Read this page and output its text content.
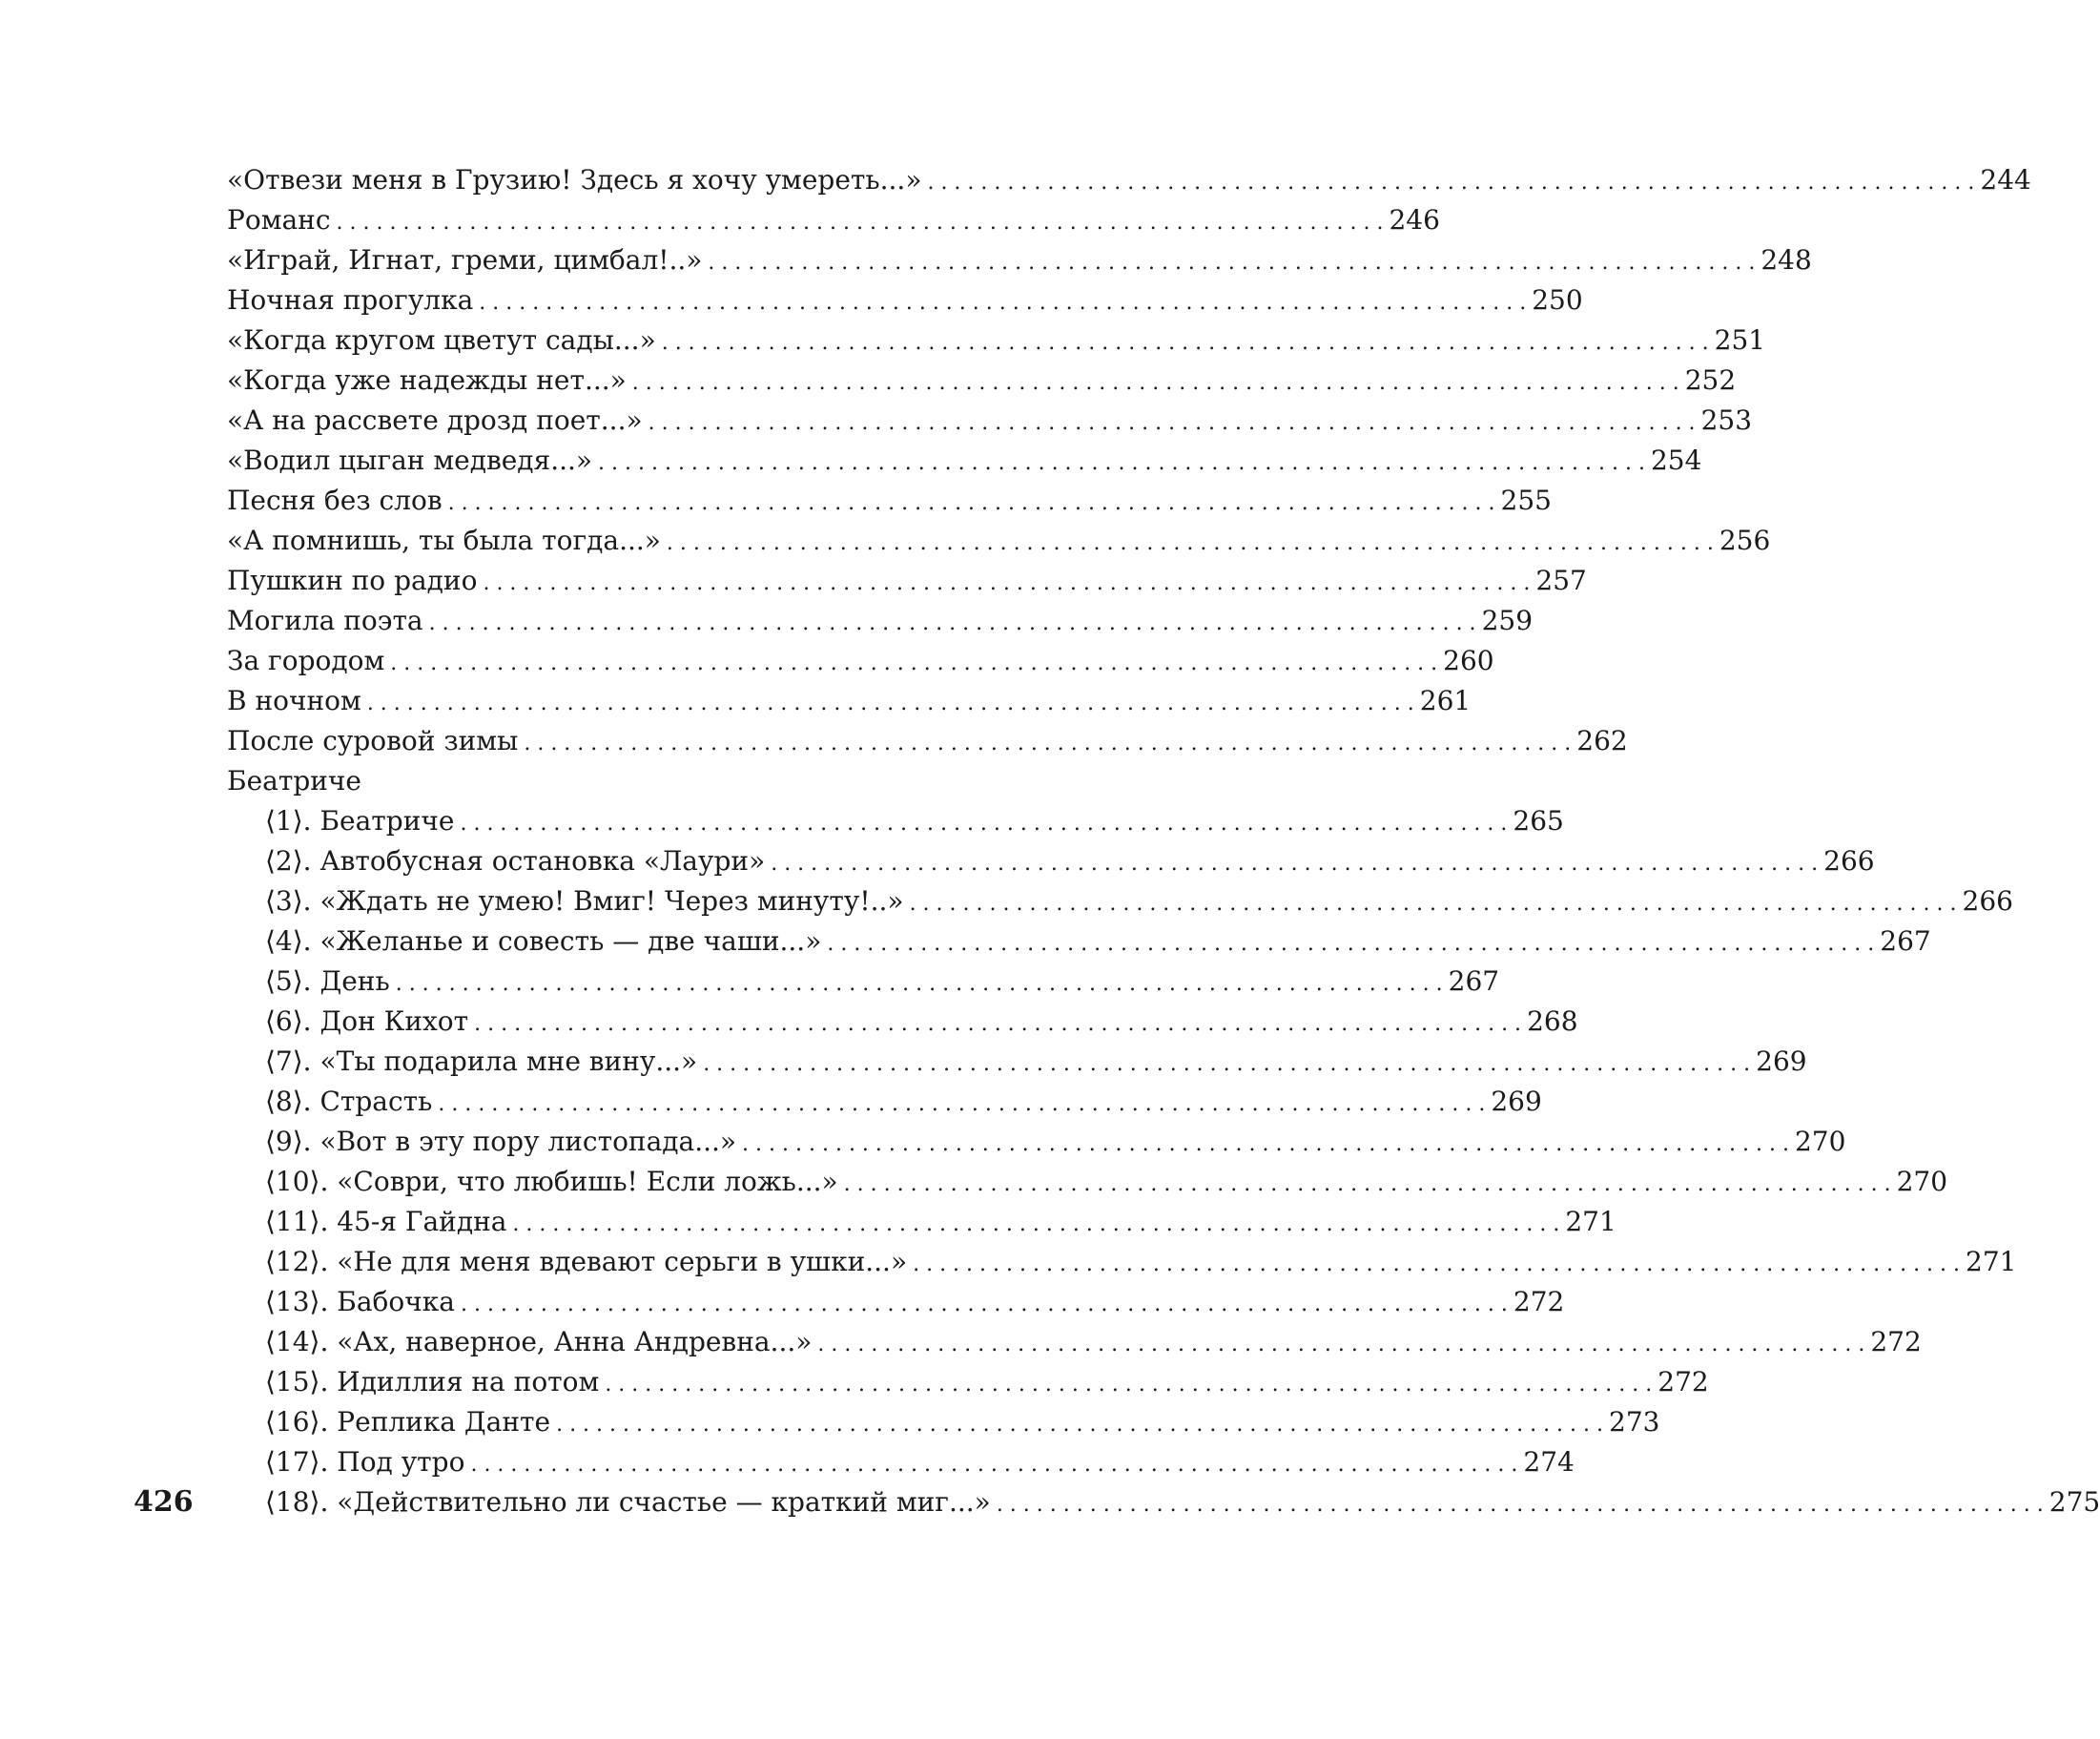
«Отвези меня в Грузию! Здесь я хочу умереть...» . . .	244
Романс . . .	246
«Играй, Игнат, греми, цимбал!..» . . .	248
Ночная прогулка . . .	250
«Когда кругом цветут сады...» . . .	251
«Когда уже надежды нет...» . . .	252
«А на рассвете дрозд поет...» . . .	253
«Водил цыган медведя...» . . .	254
Песня без слов . . .	255
«А помнишь, ты была тогда...» . . .	256
Пушкин по радио . . .	257
Могила поэта . . .	259
За городом . . .	260
В ночном . . .	261
После суровой зимы . . .	262
Беатриче
⟨1⟩. Беатриче . . .	265
⟨2⟩. Автобусная остановка «Лаури» . . .	266
⟨3⟩. «Ждать не умею! Вмиг! Через минуту!..» . . .	266
⟨4⟩. «Желанье и совесть — две чаши...» . . .	267
⟨5⟩. День . . .	267
⟨6⟩. Дон Кихот . . .	268
⟨7⟩. «Ты подарила мне вину...» . . .	269
⟨8⟩. Страсть . . .	269
⟨9⟩. «Вот в эту пору листопада...» . . .	270
⟨10⟩. «Соври, что любишь! Если ложь...» . . .	270
⟨11⟩. 45-я Гайдна . . .	271
⟨12⟩. «Не для меня вдевают серьги в ушки...» . . .	271
⟨13⟩. Бабочка . . .	272
⟨14⟩. «Ах, наверное, Анна Андревна...» . . .	272
⟨15⟩. Идиллия на потом . . .	272
⟨16⟩. Реплика Данте . . .	273
⟨17⟩. Под утро . . .	274
⟨18⟩. «Действительно ли счастье — краткий миг...» . . .	275
426
